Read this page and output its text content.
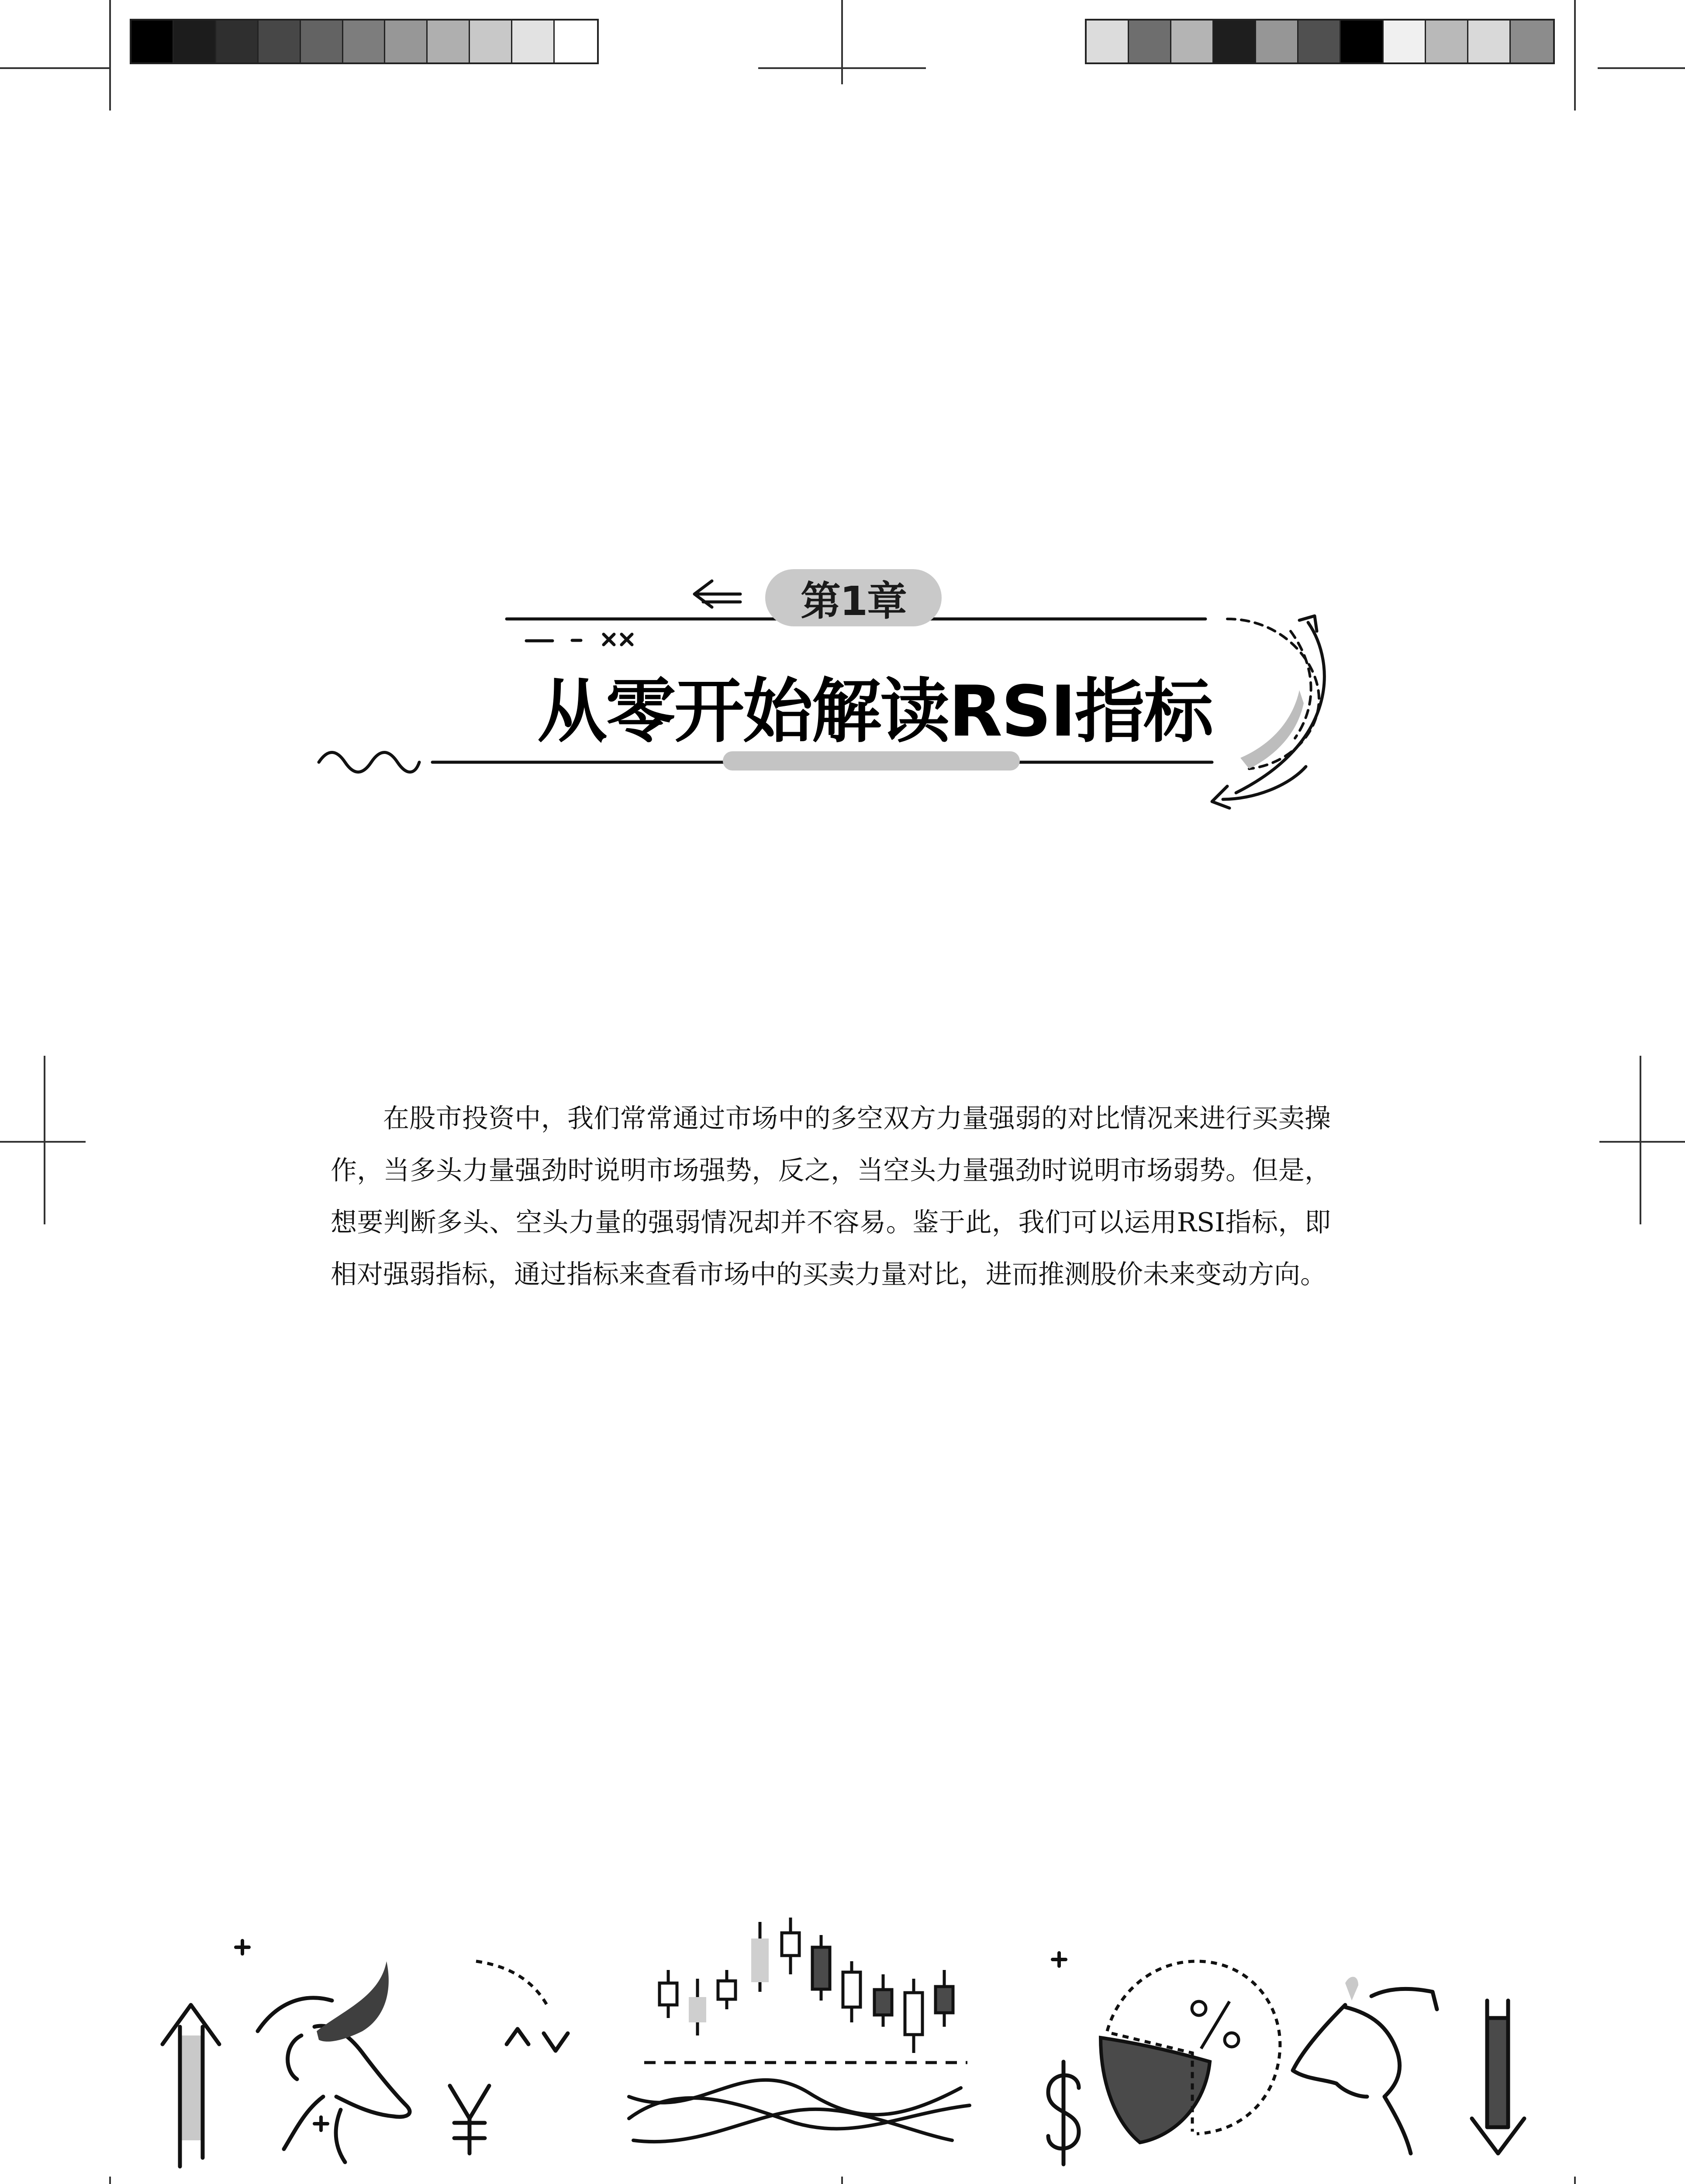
第1章
从零开始解读RSI指标

在股市投资中，我们常常通过市场中的多空双方力量强弱的对比情况来进行买卖操作，当多头力量强劲时说明市场强势，反之，当空头力量强劲时说明市场弱势。但是，想要判断多头、空头力量的强弱情况却并不容易。鉴于此，我们可以运用RSI指标，即相对强弱指标，通过指标来查看市场中的买卖力量对比，进而推测股价未来变动方向。
